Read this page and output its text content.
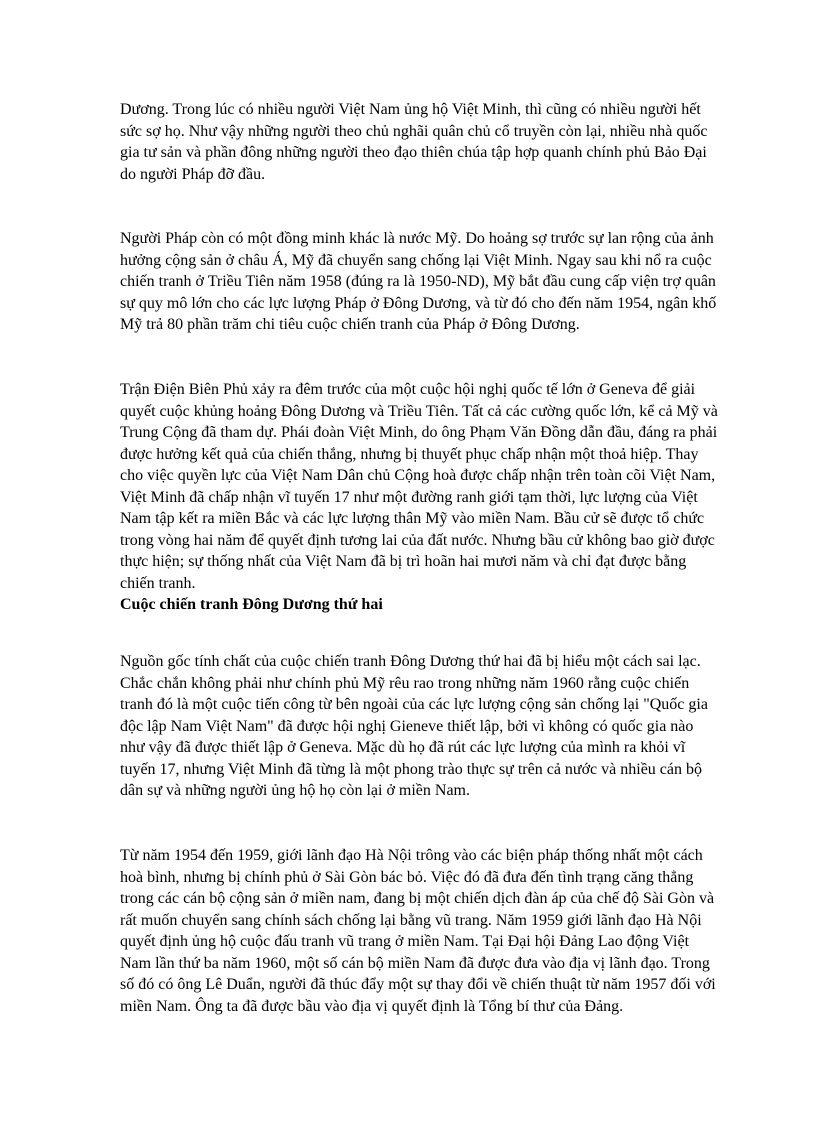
Dương. Trong lúc có nhiều người Việt Nam ủng hộ Việt Minh, thì cũng có nhiều người hết sức sợ họ. Như vậy những người theo chủ nghãi quân chủ cổ truyền còn lại, nhiều nhà quốc gia tư sản và phần đông những người theo đạo thiên chúa tập hợp quanh chính phủ Bảo Đại do người Pháp đỡ đầu.

Người Pháp còn có một đồng minh khác là nước Mỹ. Do hoảng sợ trước sự lan rộng của ảnh hưởng cộng sản ở châu Á, Mỹ đã chuyển sang chống lại Việt Minh. Ngay sau khi nổ ra cuộc chiến tranh ở Triều Tiên năm 1958 (đúng ra là 1950-ND), Mỹ bắt đầu cung cấp viện trợ quân sự quy mô lớn cho các lực lượng Pháp ở Đông Dương, và từ đó cho đến năm 1954, ngân khố Mỹ trả 80 phần trăm chi tiêu cuộc chiến tranh của Pháp ở Đông Dương.

Trận Điện Biên Phủ xảy ra đêm trước của một cuộc hội nghị quốc tế lớn ở Geneva để giải quyết cuộc khủng hoảng Đông Dương và Triều Tiên. Tất cả các cường quốc lớn, kể cả Mỹ và Trung Cộng đã tham dự. Phái đoàn Việt Minh, do ông Phạm Văn Đồng dẫn đầu, đáng ra phải được hưởng kết quả của chiến thắng, nhưng bị thuyết phục chấp nhận một thoả hiệp. Thay cho việc quyền lực của Việt Nam Dân chủ Cộng hoà được chấp nhận trên toàn cõi Việt Nam, Việt Minh đã chấp nhận vĩ tuyến 17 như một đường ranh giới tạm thời, lực lượng của Việt Nam tập kết ra miền Bắc và các lực lượng thân Mỹ vào miền Nam. Bầu cử sẽ được tổ chức trong vòng hai năm để quyết định tương lai của đất nước. Nhưng bầu cử không bao giờ được thực hiện; sự thống nhất của Việt Nam đã bị trì hoãn hai mươi năm và chỉ đạt được bằng chiến tranh.

Cuộc chiến tranh Đông Dương thứ hai

Nguồn gốc tính chất của cuộc chiến tranh Đông Dương thứ hai đã bị hiểu một cách sai lạc. Chắc chắn không phải như chính phủ Mỹ rêu rao trong những năm 1960 rằng cuộc chiến tranh đó là một cuộc tiến công từ bên ngoài của các lực lượng cộng sản chống lại "Quốc gia độc lập Nam Việt Nam" đã được hội nghị Gieneve thiết lập, bởi vì không có quốc gia nào như vậy đã được thiết lập ở Geneva. Mặc dù họ đã rút các lực lượng của mình ra khỏi vĩ tuyến 17, nhưng Việt Minh đã từng là một phong trào thực sự trên cả nước và nhiều cán bộ dân sự và những người ủng hộ họ còn lại ở miền Nam.

Từ năm 1954 đến 1959, giới lãnh đạo Hà Nội trông vào các biện pháp thống nhất một cách hoà bình, nhưng bị chính phủ ở Sài Gòn bác bỏ. Việc đó đã đưa đến tình trạng căng thẳng trong các cán bộ cộng sản ở miền nam, đang bị một chiến dịch đàn áp của chế độ Sài Gòn và rất muốn chuyển sang chính sách chống lại bằng vũ trang. Năm 1959 giới lãnh đạo Hà Nội quyết định ủng hộ cuộc đấu tranh vũ trang ở miền Nam. Tại Đại hội Đảng Lao động Việt Nam lần thứ ba năm 1960, một số cán bộ miền Nam đã được đưa vào địa vị lãnh đạo. Trong số đó có ông Lê Duẩn, người đã thúc đẩy một sự thay đổi về chiến thuật từ năm 1957 đối với miền Nam. Ông ta đã được bầu vào địa vị quyết định là Tổng bí thư của Đảng.
